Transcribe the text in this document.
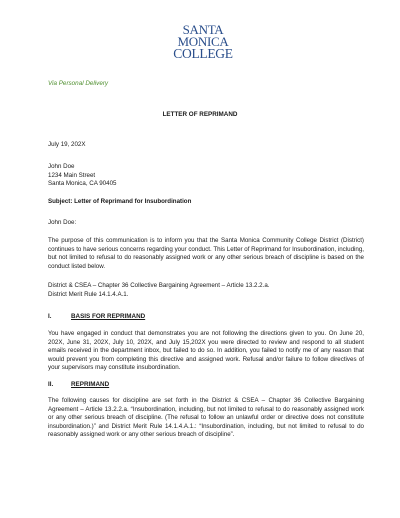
SANTA
MONICA
COLLEGE
Via Personal Delivery
LETTER OF REPRIMAND
July 19, 202X
John Doe
1234 Main Street
Santa Monica, CA 90405
Subject: Letter of Reprimand for Insubordination
John Doe:
The purpose of this communication is to inform you that the Santa Monica Community College District (District) continues to have serious concerns regarding your conduct. This Letter of Reprimand for Insubordination, including, but not limited to refusal to do reasonably assigned work or any other serious breach of discipline is based on the conduct listed below.
District & CSEA – Chapter 36 Collective Bargaining Agreement – Article 13.2.2.a.
District Merit Rule 14.1.4.A.1.
I.	BASIS FOR REPRIMAND
You have engaged in conduct that demonstrates you are not following the directions given to you. On June 20, 202X, June 31, 202X, July 10, 202X, and July 15,202X you were directed to review and respond to all student emails received in the department inbox, but failed to do so. In addition, you failed to notify me of any reason that would prevent you from completing this directive and assigned work. Refusal and/or failure to follow directives of your supervisors may constitute insubordination.
II.	REPRIMAND
The following causes for discipline are set forth in the District & CSEA – Chapter 36 Collective Bargaining Agreement – Article 13.2.2.a. “Insubordination, including, but not limited to refusal to do reasonably assigned work or any other serious breach of discipline. (The refusal to follow an unlawful order or directive does not constitute insubordination.)” and District Merit Rule 14.1.4.A.1.: “Insubordination, including, but not limited to refusal to do reasonably assigned work or any other serious breach of discipline”.
